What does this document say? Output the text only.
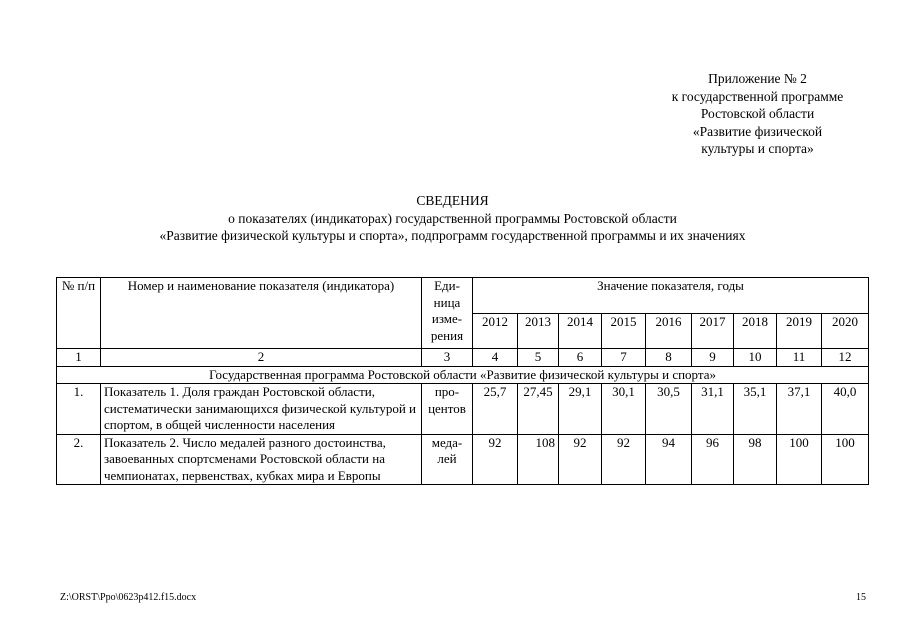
Приложение № 2
к государственной программе
Ростовской области
«Развитие физической
культуры и спорта»
СВЕДЕНИЯ
о показателях (индикаторах) государственной программы Ростовской области
«Развитие физической культуры и спорта», подпрограмм государственной программы и их значениях
№ п/п	Номер и наименование показателя (индикатора)	Еди-ница изме-рения	Значение показателя, годы								
			2012	2013	2014	2015	2016	2017	2018	2019	2020
1	2	3	4	5	6	7	8	9	10	11	12
Государственная программа Ростовской области «Развитие физической культуры и спорта»											
1.	Показатель 1. Доля граждан Ростовской области, систематически занимающихся физической культурой и спортом, в общей численности населения	про-центов	25,7	27,45	29,1	30,1	30,5	31,1	35,1	37,1	40,0
2.	Показатель 2. Число медалей разного достоинства, завоеванных спортсменами Ростовской области на чемпионатах, первенствах, кубках мира и Европы	меда-лей	92	108	92	92	94	96	98	100	100
Z:\ORST\Ppo\0623p412.f15.docx	15
